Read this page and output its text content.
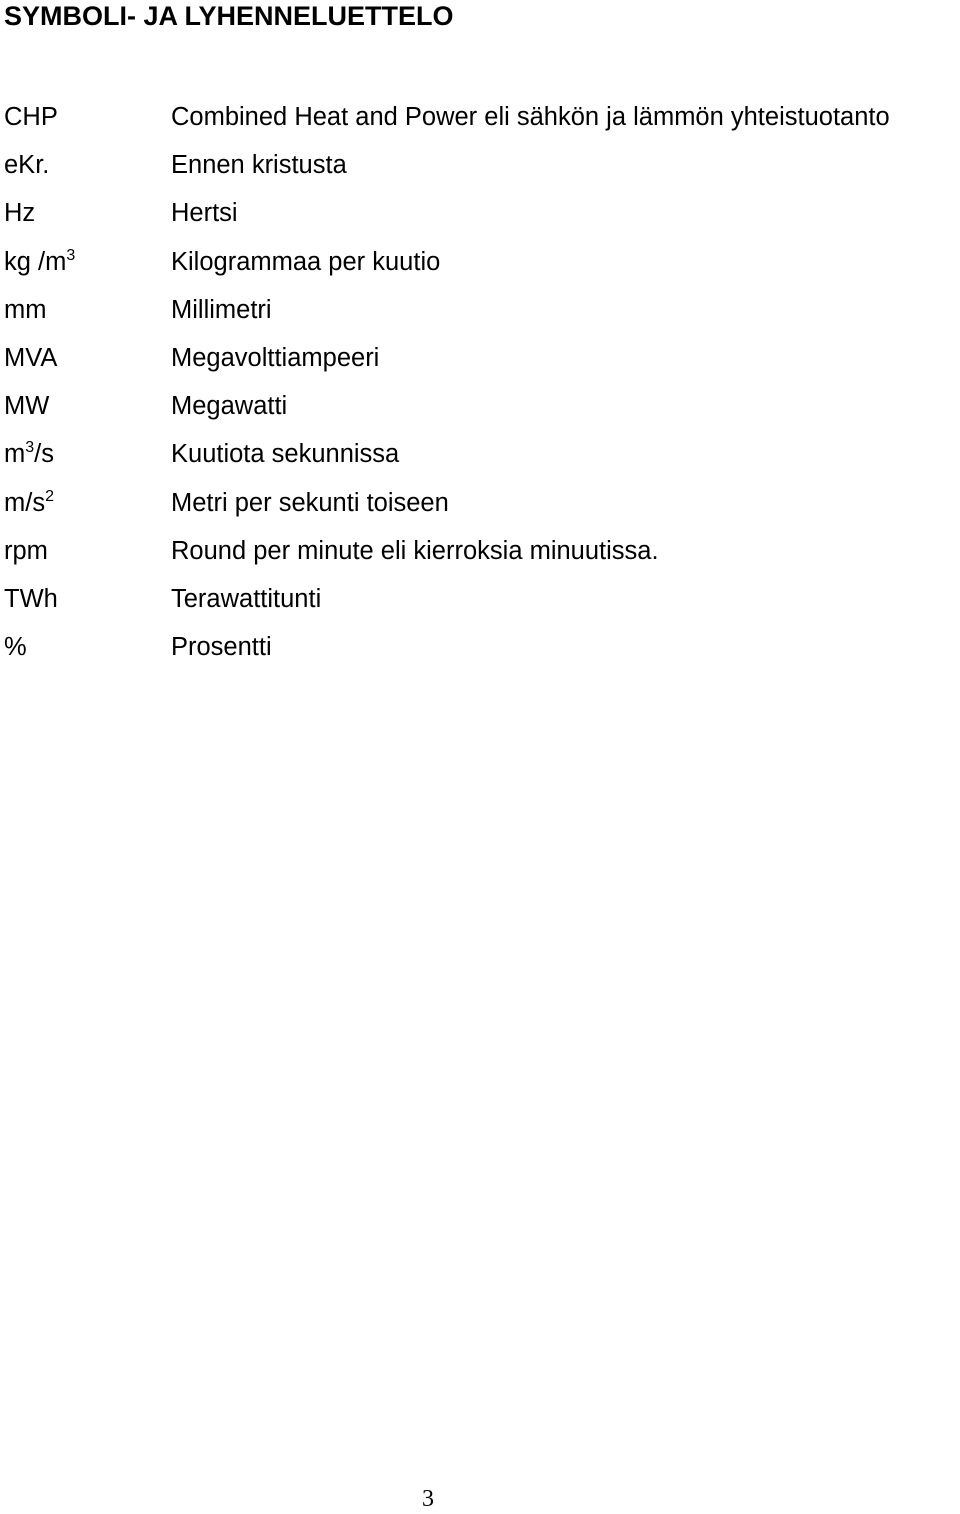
SYMBOLI- JA LYHENNELUETTELO
CHP	Combined Heat and Power eli sähkön ja lämmön yhteistuotanto
eKr.	Ennen kristusta
Hz	Hertsi
kg $/m^3$	Kilogrammaa per kuutio
mm	Millimetri
MVA	Megavolttiampeeri
MW	Megawatti
$m^3/s$	Kuutiota sekunnissa
$m/s^2$	Metri per sekunti toiseen
rpm	Round per minute eli kierroksia minuutissa.
TWh	Terawattitunti
%	Prosentti
3
